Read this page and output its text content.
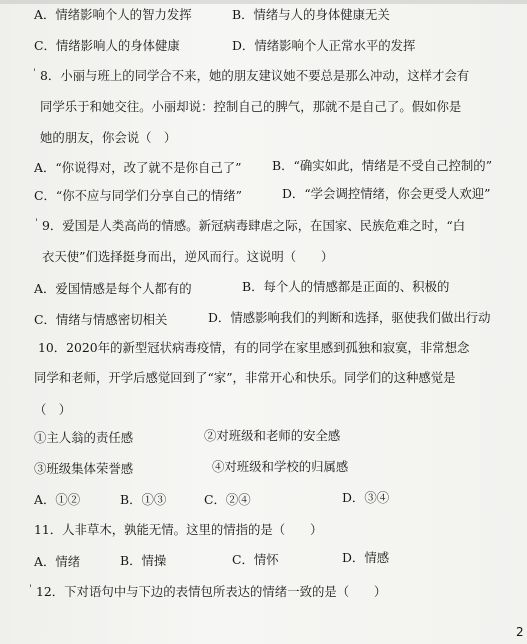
A．情绪影响个人的智力发挥	B．情绪与人的身体健康无关
C．情绪影响人的身体健康	D．情绪影响个人正常水平的发挥
8．小丽与班上的同学合不来，她的朋友建议她不要总是那么冲动，这样才会有
同学乐于和她交往。小丽却说：控制自己的脾气，那就不是自己了。假如你是
她的朋友，你会说（　）
A．“你说得对，改了就不是你自己了” B．“确实如此，情绪是不受自己控制的”
C．“你不应与同学们分享自己的情绪”	D．“学会调控情绪，你会更受人欢迎”
9．爱国是人类高尚的情感。新冠病毒肆虐之际，在国家、民族危难之时，“白
衣天使”们选择挺身而出，逆风而行。这说明（　　）
A．爱国情感是每个人都有的	B．每个人的情感都是正面的、积极的
C．情绪与情感密切相关	D．情感影响我们的判断和选择，驱使我们做出行动
10．2020年的新型冠状病毒疫情，有的同学在家里感到孤独和寂寞，非常想念
同学和老师，开学后感觉回到了“家”，非常开心和快乐。同学们的这种感觉是
（　）
①主人翁的责任感	②对班级和老师的安全感
③班级集体荣誉感	④对班级和学校的归属感
A．①②	B．①③	C．②④	D．③④
11．人非草木，孰能无情。这里的情指的是（　　）
A．情绪	B．情操	C．情怀	D．情感
12．下对语句中与下边的表情包所表达的情绪一致的是（　　）
ˈ
ˈ
ˈ
2
